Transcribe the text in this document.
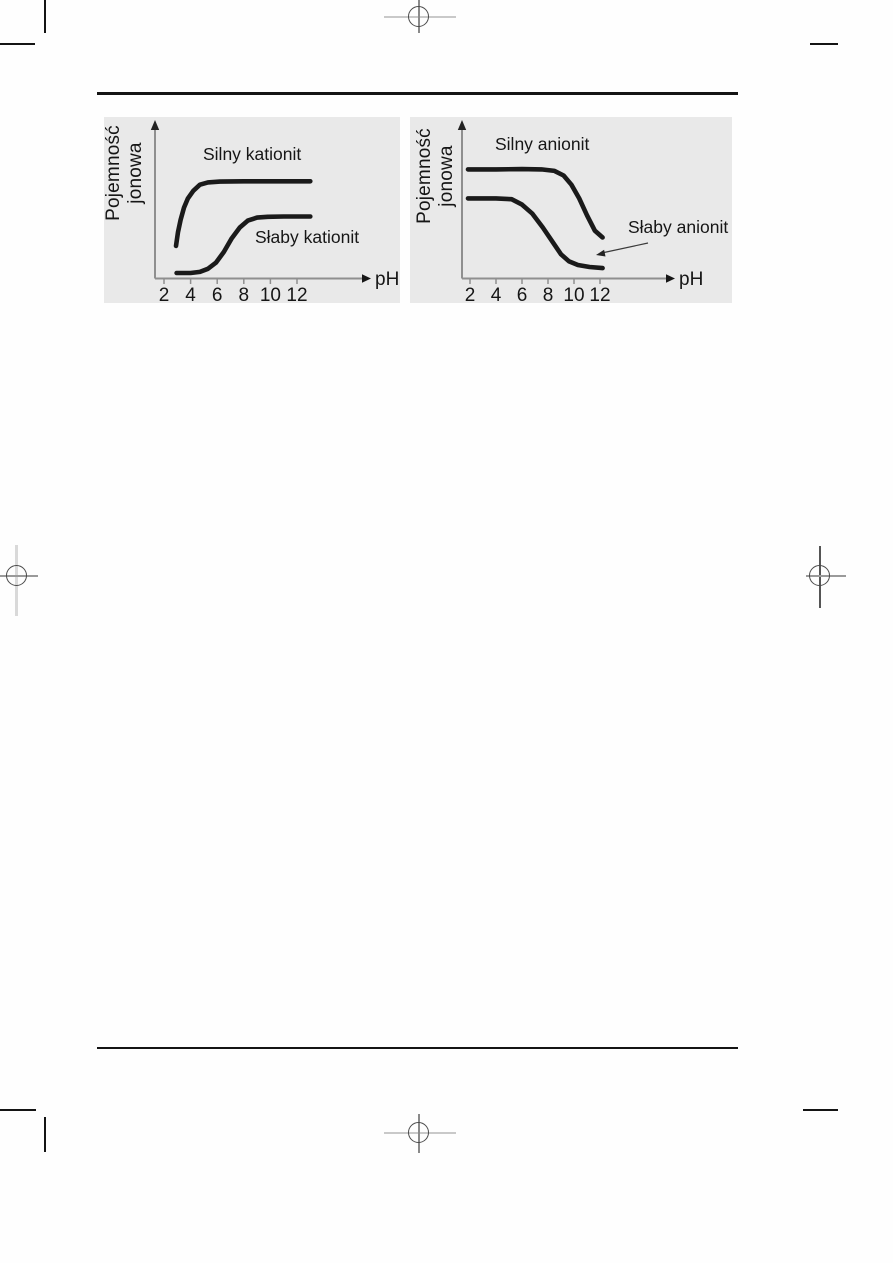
Pojemność jonowa
pH
2 4 6 8 10 12
Silny kationit
Słaby kationit
Pojemność jonowa
pH
2 4 6 8 10 12
Silny anionit
Słaby anionit
